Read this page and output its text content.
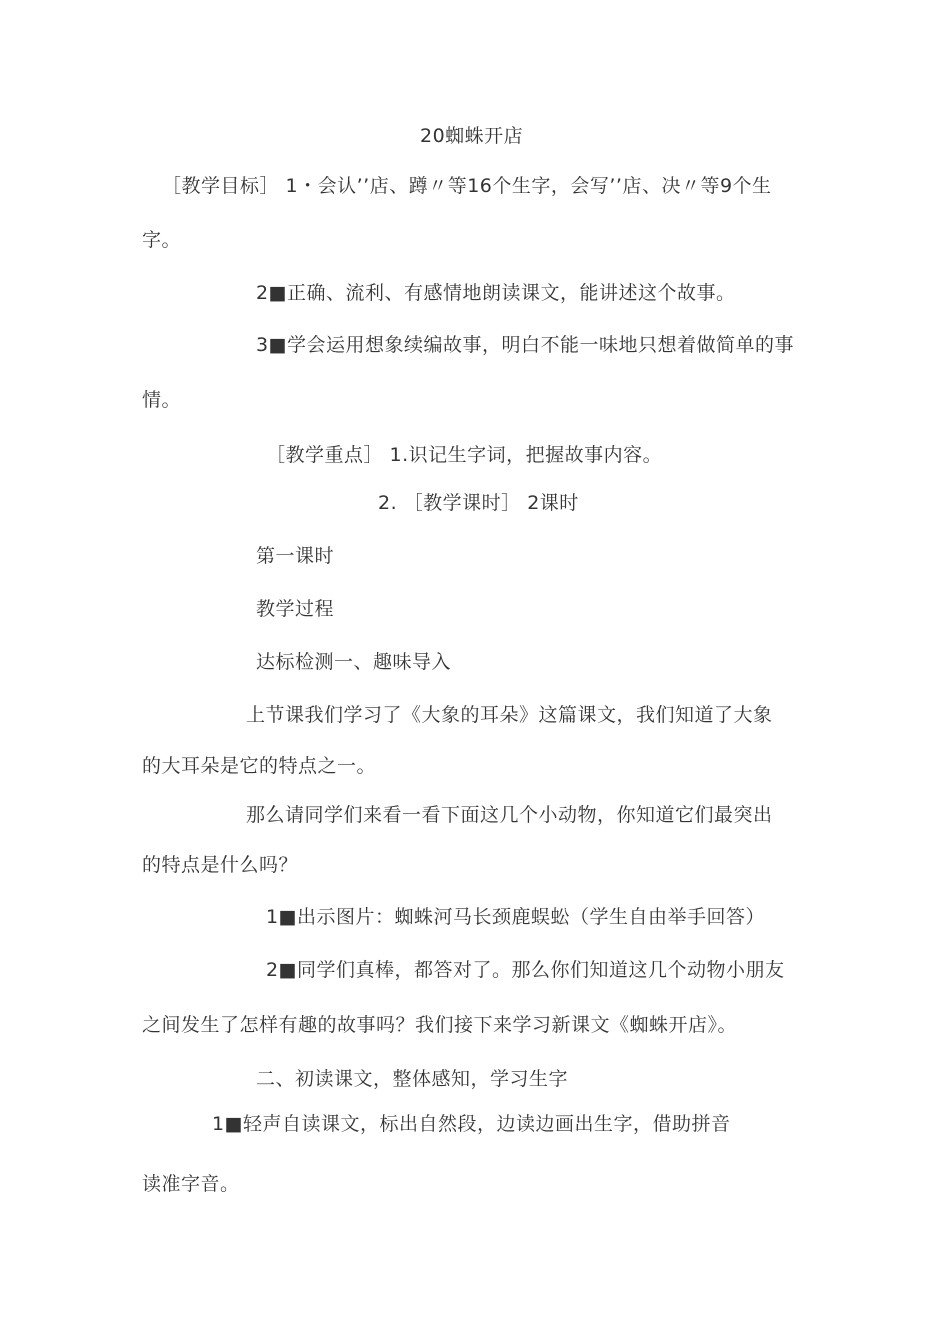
20蜘蛛开店
［教学目标］ 1・会认’’店、蹲〃等16个生字，会写’’店、决〃等9个生
字。
2■正确、流利、有感情地朗读课文，能讲述这个故事。
3■学会运用想象续编故事，明白不能一味地只想着做简单的事
情。
［教学重点］ 1.识记生字词，把握故事内容。
2. ［教学课时］ 2课时
第一课时
教学过程
达标检测一、趣味导入
上节课我们学习了《大象的耳朵》这篇课文，我们知道了大象
的大耳朵是它的特点之一。
那么请同学们来看一看下面这几个小动物，你知道它们最突出
的特点是什么吗？
1■出示图片：蜘蛛河马长颈鹿蜈蚣（学生自由举手回答）
2■同学们真棒，都答对了。那么你们知道这几个动物小朋友
之间发生了怎样有趣的故事吗？我们接下来学习新课文《蜘蛛开店》。
二、初读课文，整体感知，学习生字
1■轻声自读课文，标出自然段，边读边画出生字，借助拼音
读准字音。
